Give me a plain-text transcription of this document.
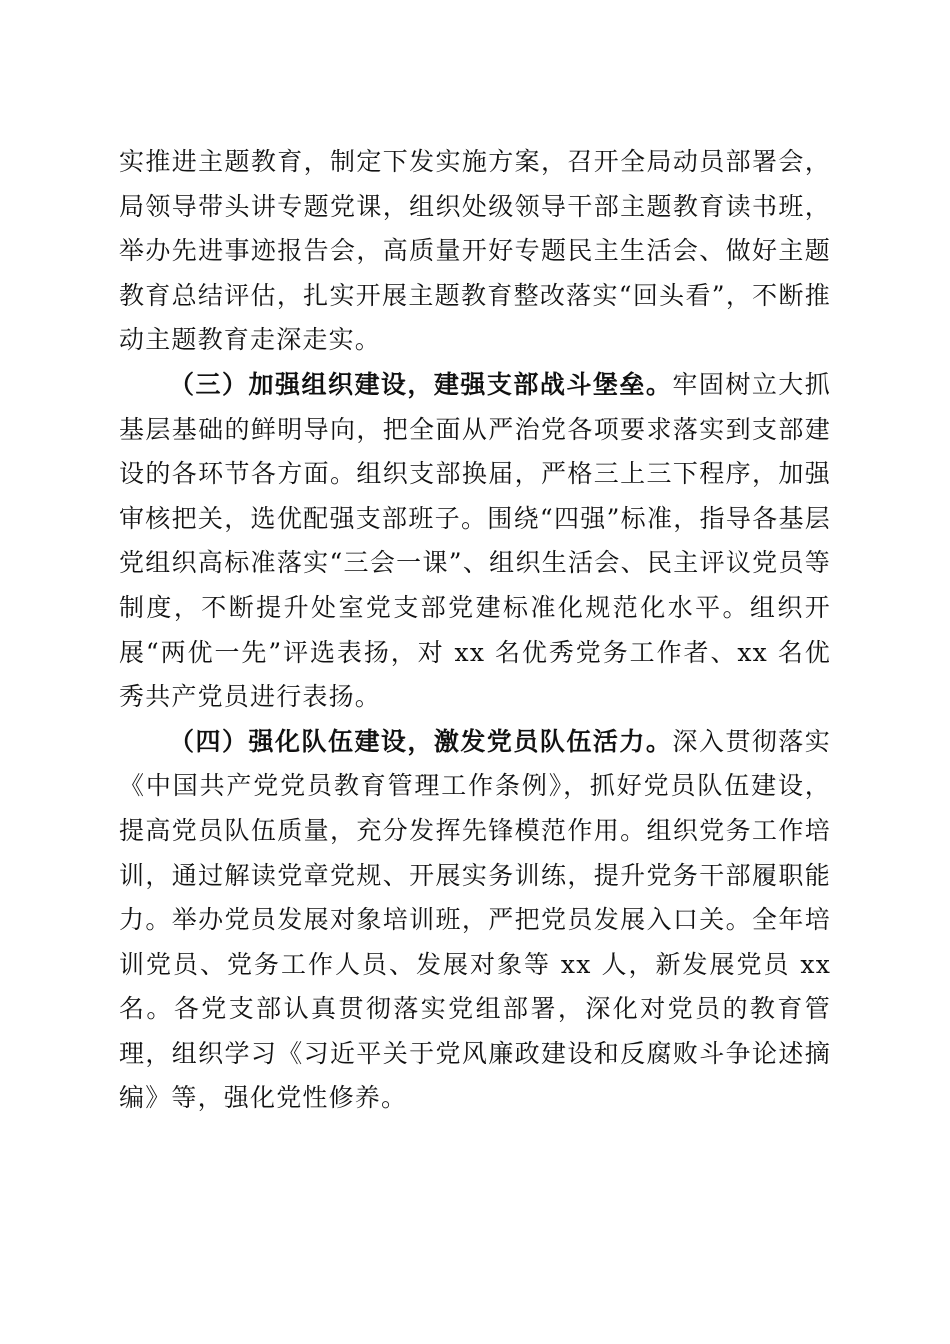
实推进主题教育，制定下发实施方案，召开全局动员部署会，局领导带头讲专题党课，组织处级领导干部主题教育读书班，举办先进事迹报告会，高质量开好专题民主生活会、做好主题教育总结评估，扎实开展主题教育整改落实“回头看”，不断推动主题教育走深走实。

（三）加强组织建设，建强支部战斗堡垒。牢固树立大抓基层基础的鲜明导向，把全面从严治党各项要求落实到支部建设的各环节各方面。组织支部换届，严格三上三下程序，加强审核把关，选优配强支部班子。围绕“四强”标准，指导各基层党组织高标准落实“三会一课”、组织生活会、民主评议党员等制度，不断提升处室党支部党建标准化规范化水平。组织开展“两优一先”评选表扬，对 xx 名优秀党务工作者、xx 名优秀共产党员进行表扬。

（四）强化队伍建设，激发党员队伍活力。深入贯彻落实《中国共产党党员教育管理工作条例》，抓好党员队伍建设，提高党员队伍质量，充分发挥先锋模范作用。组织党务工作培训，通过解读党章党规、开展实务训练，提升党务干部履职能力。举办党员发展对象培训班，严把党员发展入口关。全年培训党员、党务工作人员、发展对象等 xx 人，新发展党员 xx 名。各党支部认真贯彻落实党组部署，深化对党员的教育管理，组织学习《习近平关于党风廉政建设和反腐败斗争论述摘编》等，强化党性修养。
